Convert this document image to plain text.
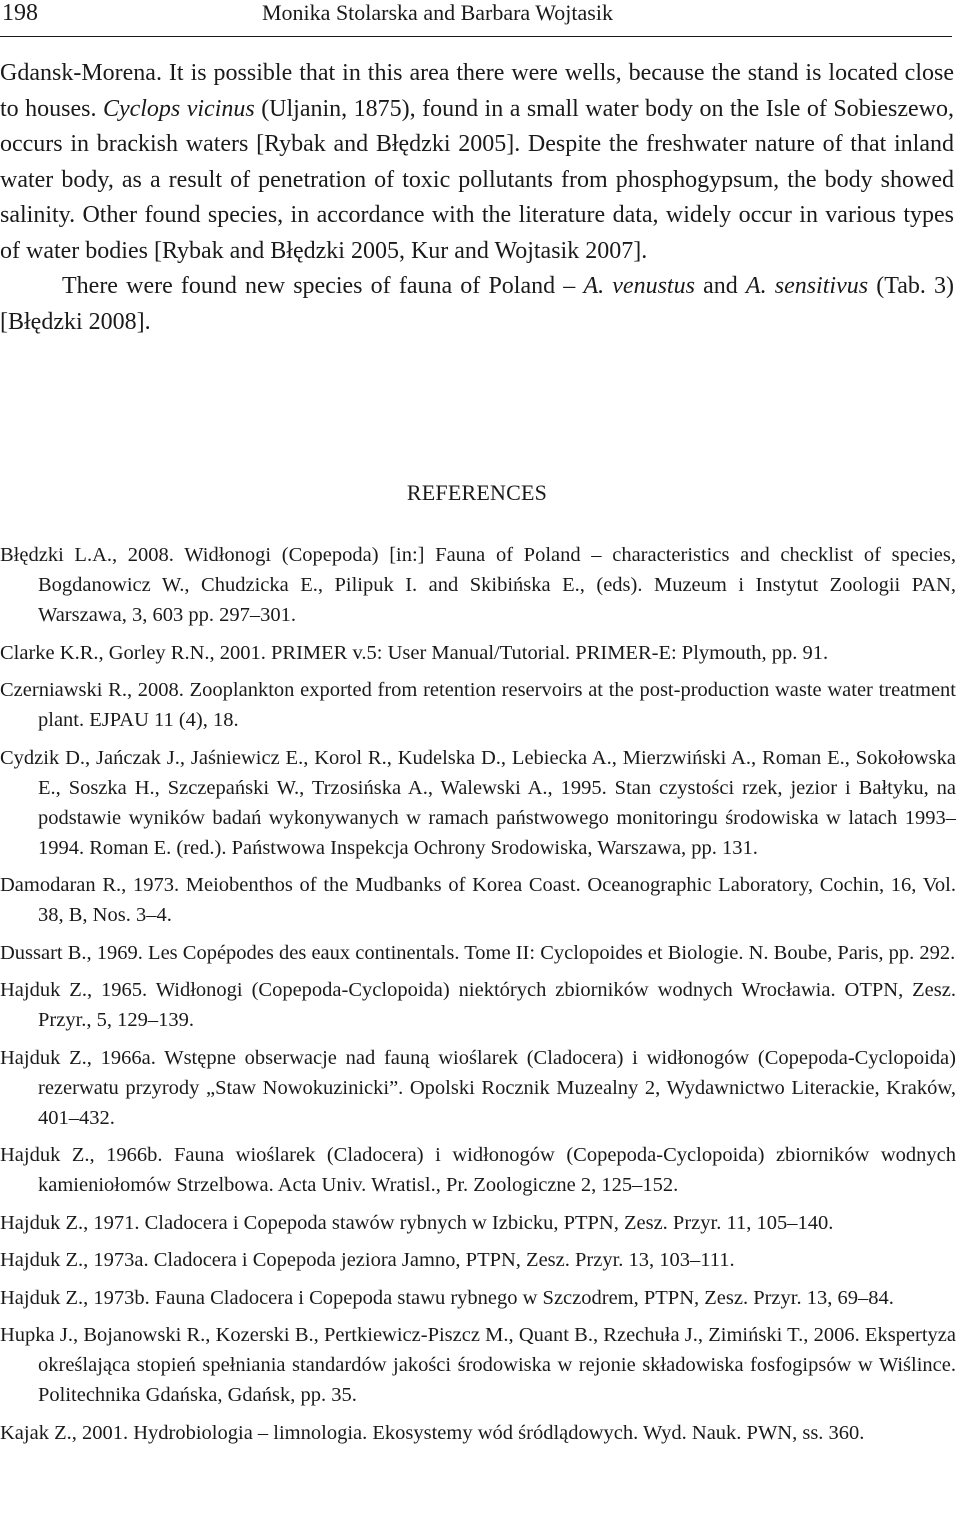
198	Monika Stolarska and Barbara Wojtasik

Gdansk-Morena. It is possible that in this area there were wells, because the stand is located close to houses. Cyclops vicinus (Uljanin, 1875), found in a small water body on the Isle of Sobieszewo, occurs in brackish waters [Rybak and Błędzki 2005]. Despite the freshwater nature of that inland water body, as a result of penetration of toxic pollutants from phosphogypsum, the body showed salinity. Other found species, in accordance with the literature data, widely occur in various types of water bodies [Rybak and Błędzki 2005, Kur and Wojtasik 2007].

There were found new species of fauna of Poland – A. venustus and A. sensitivus (Tab. 3) [Błędzki 2008].

REFERENCES

Błędzki L.A., 2008. Widłonogi (Copepoda) [in:] Fauna of Poland – characteristics and checklist of species, Bogdanowicz W., Chudzicka E., Pilipuk I. and Skibińska E., (eds). Muzeum i Instytut Zoologii PAN, Warszawa, 3, 603 pp. 297–301.

Clarke K.R., Gorley R.N., 2001. PRIMER v.5: User Manual/Tutorial. PRIMER-E: Plymouth, pp. 91.

Czerniawski R., 2008. Zooplankton exported from retention reservoirs at the post-production waste water treatment plant. EJPAU 11 (4), 18.

Cydzik D., Jańczak J., Jaśniewicz E., Korol R., Kudelska D., Lebiecka A., Mierzwiński A., Roman E., Sokołowska E., Soszka H., Szczepański W., Trzosińska A., Walewski A., 1995. Stan czystości rzek, jezior i Bałtyku, na podstawie wyników badań wykonywanych w ramach państwowego monitoringu środowiska w latach 1993–1994. Roman E. (red.). Państwowa Inspekcja Ochrony Srodowiska, Warszawa, pp. 131.

Damodaran R., 1973. Meiobenthos of the Mudbanks of Korea Coast. Oceanographic Laboratory, Cochin, 16, Vol. 38, B, Nos. 3–4.

Dussart B., 1969. Les Copépodes des eaux continentals. Tome II: Cyclopoides et Biologie. N. Boube, Paris, pp. 292.

Hajduk Z., 1965. Widłonogi (Copepoda-Cyclopoida) niektórych zbiorników wodnych Wrocławia. OTPN, Zesz. Przyr., 5, 129–139.

Hajduk Z., 1966a. Wstępne obserwacje nad fauną wioślarek (Cladocera) i widłonogów (Copepoda-Cyclopoida) rezerwatu przyrody „Staw Nowokuzinicki”. Opolski Rocznik Muzealny 2, Wydawnictwo Literackie, Kraków, 401–432.

Hajduk Z., 1966b. Fauna wioślarek (Cladocera) i widłonogów (Copepoda-Cyclopoida) zbiorników wodnych kamieniołomów Strzelbowa. Acta Univ. Wratisl., Pr. Zoologiczne 2, 125–152.

Hajduk Z., 1971. Cladocera i Copepoda stawów rybnych w Izbicku, PTPN, Zesz. Przyr. 11, 105–140.

Hajduk Z., 1973a. Cladocera i Copepoda jeziora Jamno, PTPN, Zesz. Przyr. 13, 103–111.

Hajduk Z., 1973b. Fauna Cladocera i Copepoda stawu rybnego w Szczodrem, PTPN, Zesz. Przyr. 13, 69–84.

Hupka J., Bojanowski R., Kozerski B., Pertkiewicz-Piszcz M., Quant B., Rzechuła J., Zimiński T., 2006. Ekspertyza określająca stopień spełniania standardów jakości środowiska w rejonie składowiska fosfogipsów w Wiślince. Politechnika Gdańska, Gdańsk, pp. 35.

Kajak Z., 2001. Hydrobiologia – limnologia. Ekosystemy wód śródlądowych. Wyd. Nauk. PWN, ss. 360.
